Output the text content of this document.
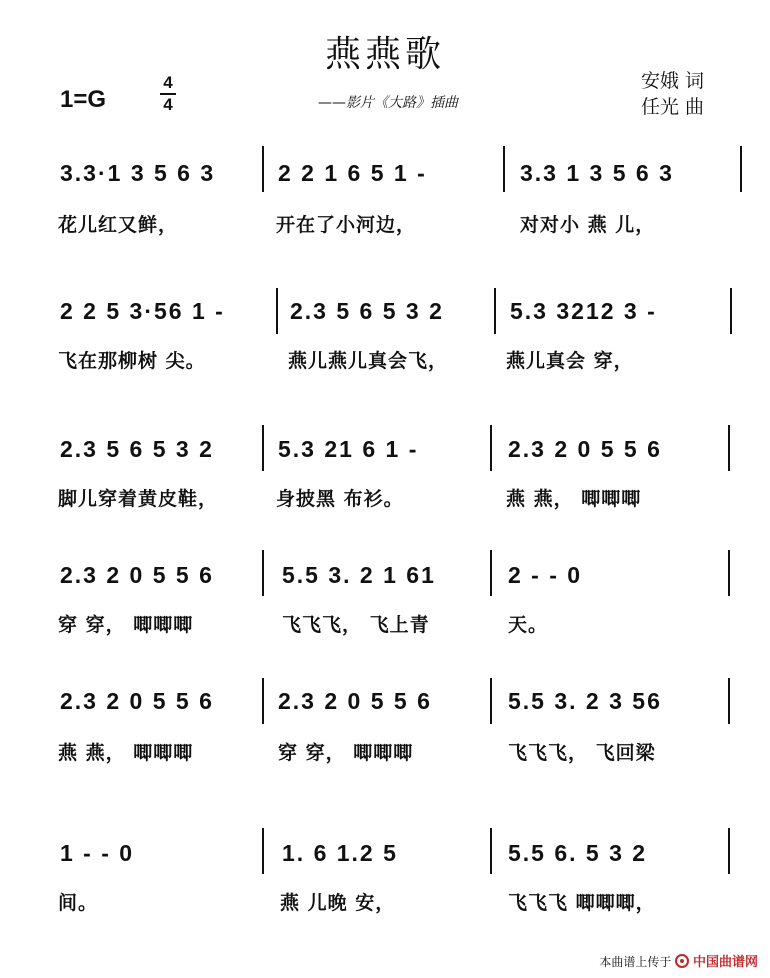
燕燕歌
1=G
4
4	——影片《大路》插曲
安娥 词
任光 曲
3.3·1 3 5 6 3	2 2 1 6 5 1 -	3.3 1 3 5 6 3
花儿红又鲜，	开在了小河边，	对对小 燕 儿，
2 2 5 3·56 1 -	2.3 5 6 5 3 2	5.3 3212 3 -
飞在那柳树 尖。	燕儿燕儿真会飞，	燕儿真会 穿，
2.3 5 6 5 3 2	5.3 21 6 1 -	2.3 2 0 5 5 6
脚儿穿着黄皮鞋，	身披黑 布衫。	燕 燕， 唧唧唧
2.3 2 0 5 5 6	5.5 3. 2 1 61	2 - - 0
穿 穿， 唧唧唧	飞飞飞， 飞上青	天。
2.3 2 0 5 5 6	2.3 2 0 5 5 6	5.5 3. 2 3 56
燕 燕， 唧唧唧	穿 穿， 唧唧唧	飞飞飞， 飞回梁
1 - - 0	1. 6 1.2 5	5.5 6. 5 3 2
间。	燕 儿晚 安，	飞飞飞 唧唧唧，
本曲谱上传于 中国曲谱网
